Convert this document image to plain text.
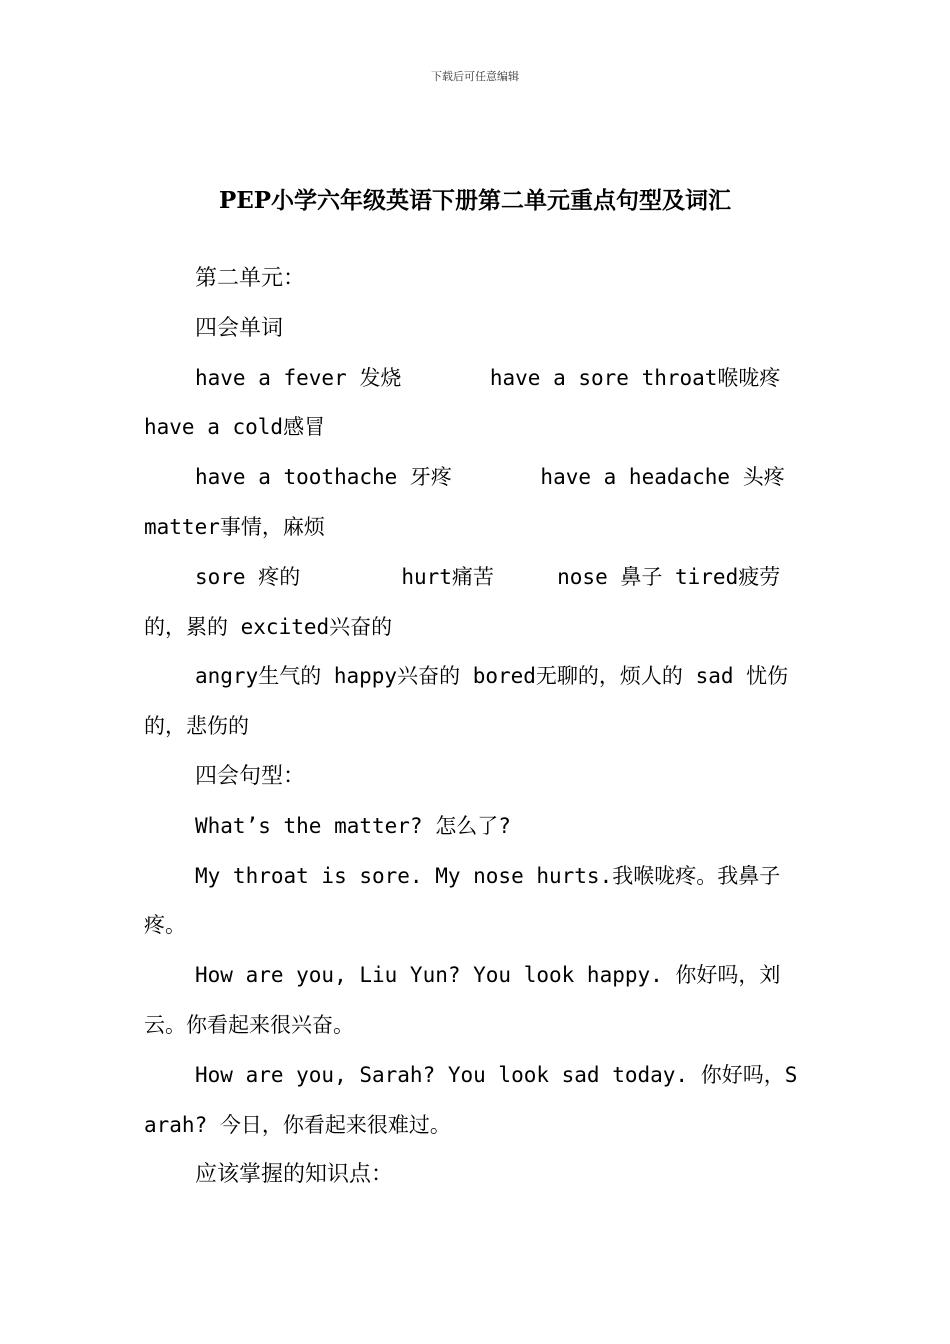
下载后可任意编辑
PEP小学六年级英语下册第二单元重点句型及词汇

第二单元：

四会单词

have a fever 发烧       have a sore throat喉咙疼     have a cold感冒

have a toothache 牙疼       have a headache 头疼 matter事情，麻烦

sore 疼的        hurt痛苦     nose 鼻子 tired疲劳的，累的 excited兴奋的

angry生气的 happy兴奋的 bored无聊的，烦人的 sad 忧伤的，悲伤的

四会句型：

What’s the matter? 怎么了?

My throat is sore. My nose hurts.我喉咙疼。我鼻子疼。

How are you, Liu Yun? You look happy. 你好吗，刘云。你看起来很兴奋。

How are you, Sarah? You look sad today. 你好吗，Sarah? 今日，你看起来很难过。

应该掌握的知识点：
